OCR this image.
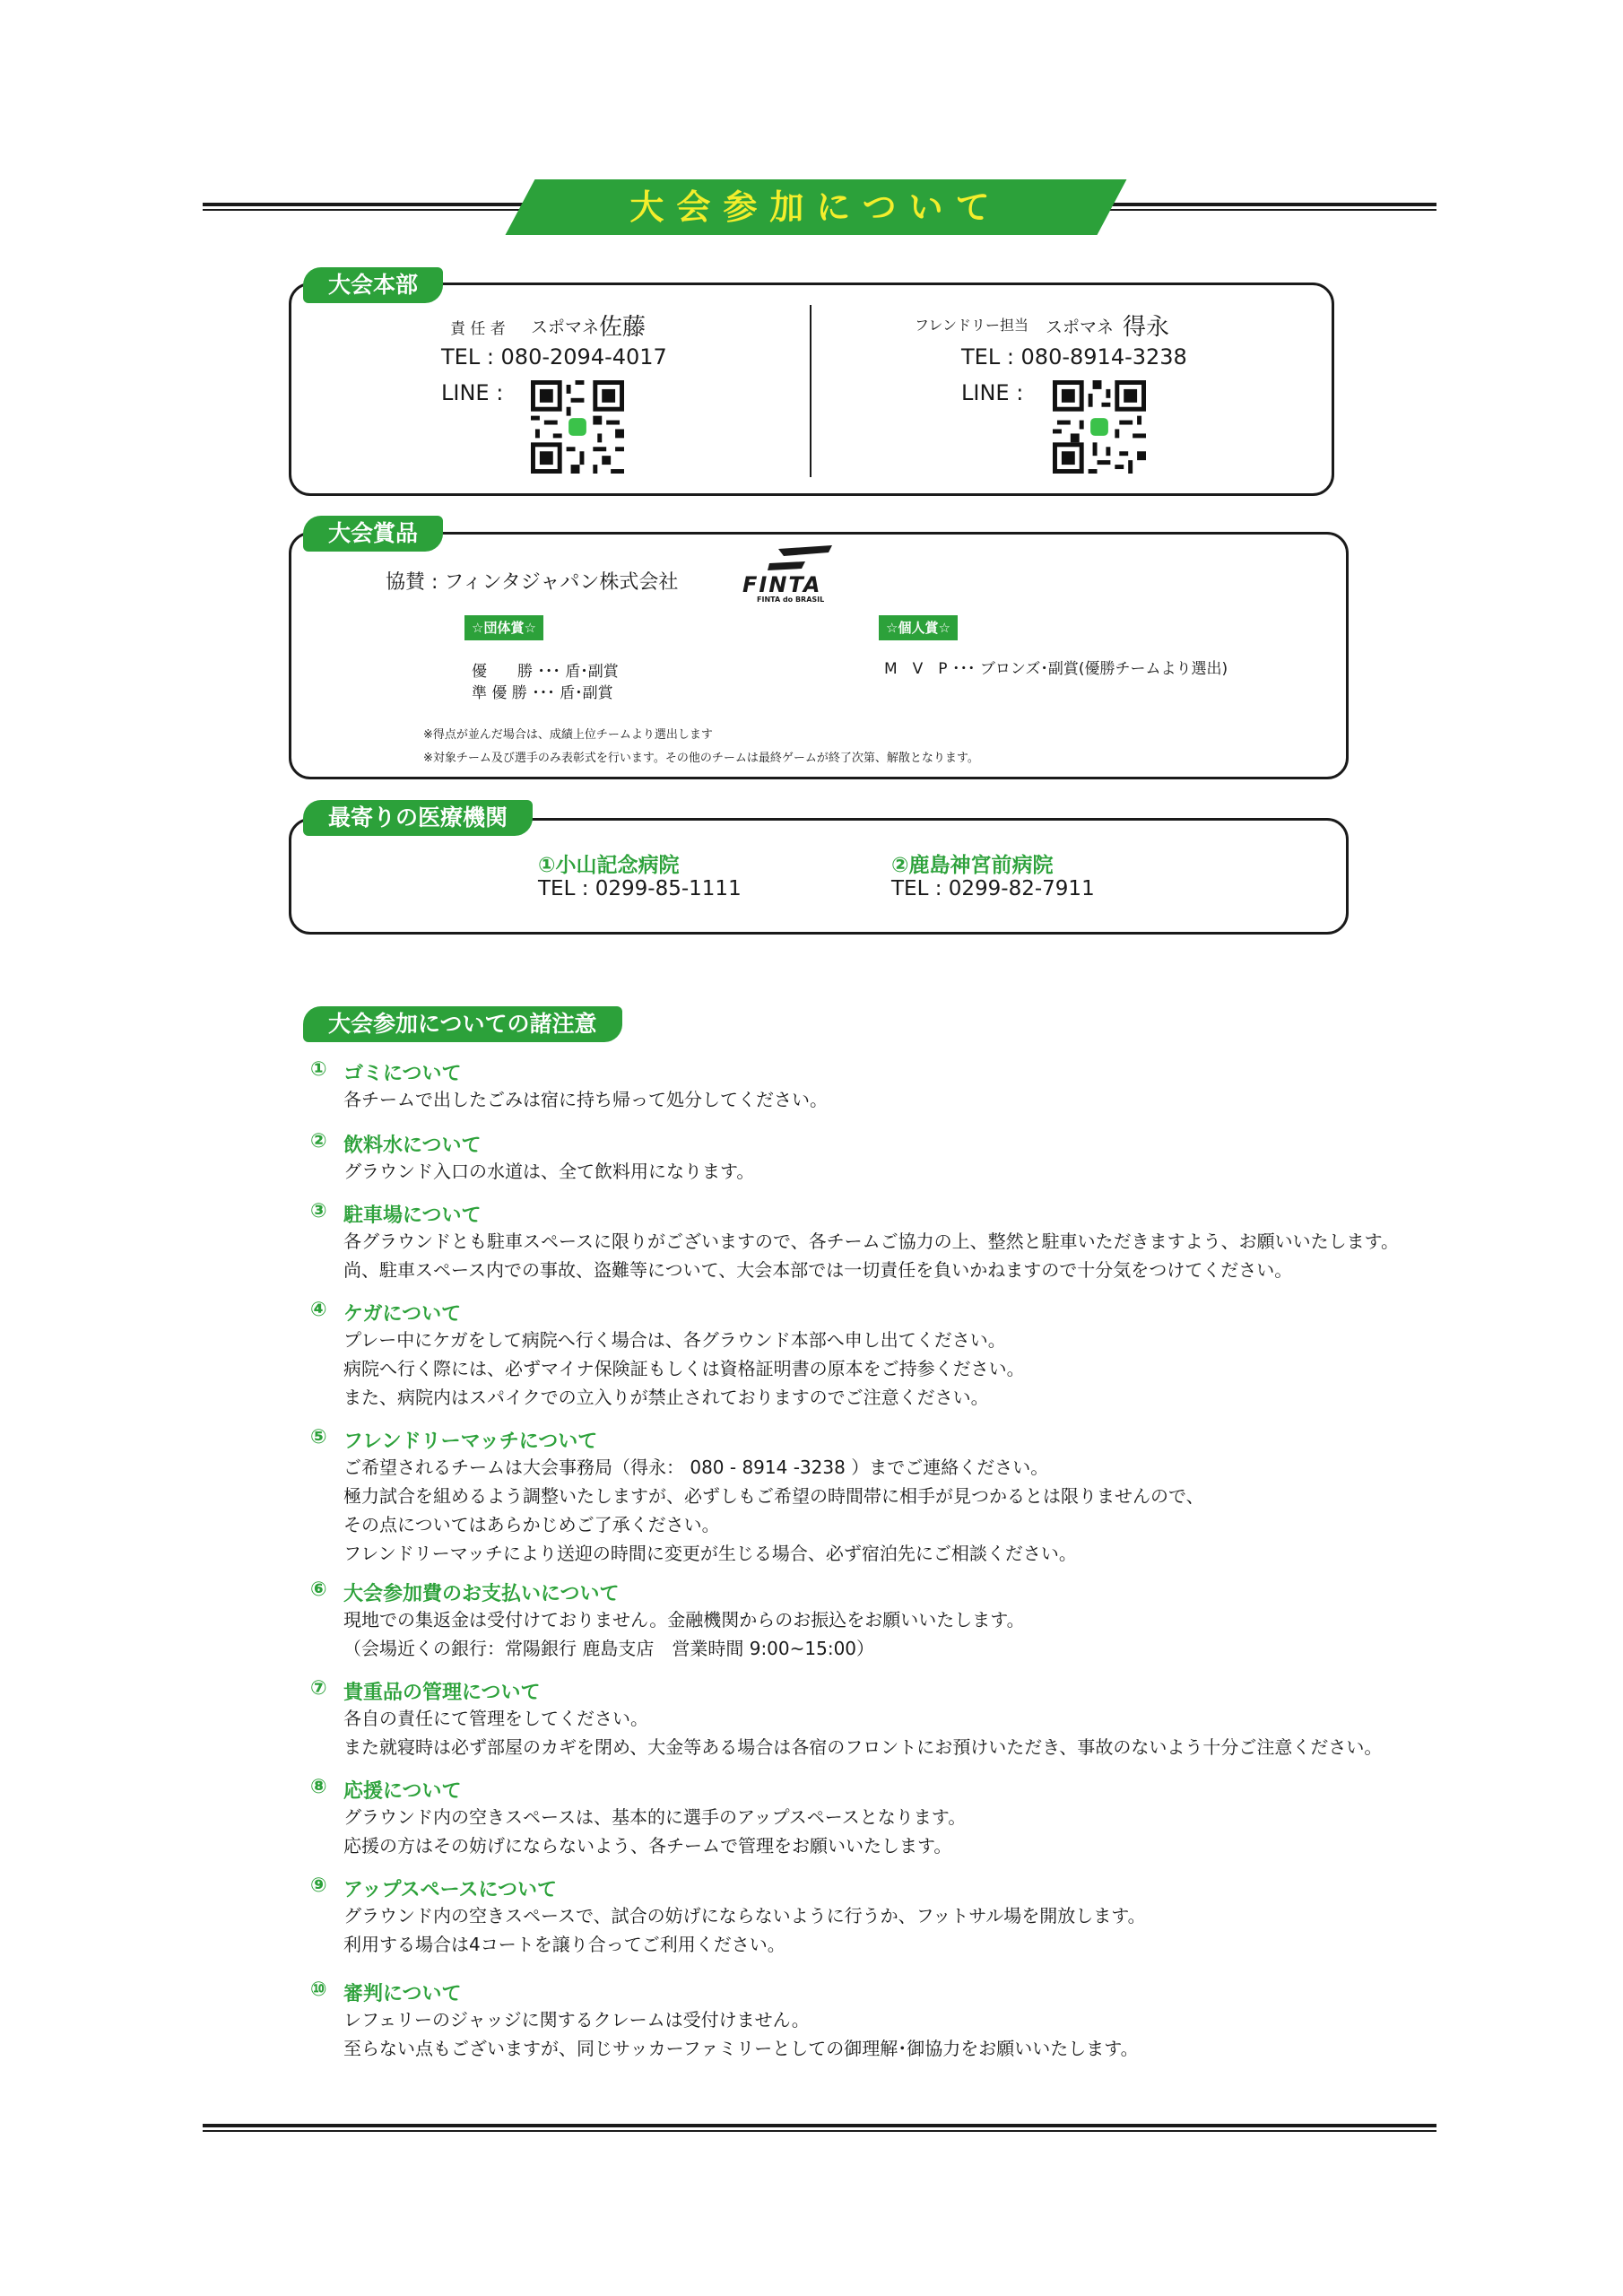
大会参加について
大会本部
責 任 者 スポマネ 佐藤
TEL : 080-2094-4017
LINE :
フレンドリー担当 スポマネ 得永
TEL : 080-8914-3238
LINE :
大会賞品
協賛 : フィンタジャパン株式会社	FINTA
FINTA do BRASIL
☆団体賞☆
優　　勝 ･･･ 盾･副賞
準 優 勝 ･･･ 盾･副賞
☆個人賞☆
M　V　P ･･･ ブロンズ･副賞(優勝チームより選出)
※得点が並んだ場合は、成績上位チームより選出します
※対象チーム及び選手のみ表彰式を行います。その他のチームは最終ゲームが終了次第、解散となります。
最寄りの医療機関
①小山記念病院
TEL : 0299-85-1111
②鹿島神宮前病院
TEL : 0299-82-7911
大会参加についての諸注意
① ゴミについて
各チームで出したごみは宿に持ち帰って処分してください。
② 飲料水について
グラウンド入口の水道は、全て飲料用になります。
③ 駐車場について
各グラウンドとも駐車スペースに限りがございますので、各チームご協力の上、整然と駐車いただきますよう、お願いいたします。
尚、駐車スペース内での事故、盗難等について、大会本部では一切責任を負いかねますので十分気をつけてください。
④ ケガについて
プレー中にケガをして病院へ行く場合は、各グラウンド本部へ申し出てください。
病院へ行く際には、必ずマイナ保険証もしくは資格証明書の原本をご持参ください。
また、病院内はスパイクでの立入りが禁止されておりますのでご注意ください。
⑤ フレンドリーマッチについて
ご希望されるチームは大会事務局（得永： 080 - 8914 -3238 ）までご連絡ください。
極力試合を組めるよう調整いたしますが、必ずしもご希望の時間帯に相手が見つかるとは限りませんので、
その点についてはあらかじめご了承ください。
フレンドリーマッチにより送迎の時間に変更が生じる場合、必ず宿泊先にご相談ください。
⑥ 大会参加費のお支払いについて
現地での集返金は受付けておりません。金融機関からのお振込をお願いいたします。
（会場近くの銀行：常陽銀行 鹿島支店　営業時間 9:00~15:00）
⑦ 貴重品の管理について
各自の責任にて管理をしてください。
また就寝時は必ず部屋のカギを閉め、大金等ある場合は各宿のフロントにお預けいただき、事故のないよう十分ご注意ください。
⑧ 応援について
グラウンド内の空きスペースは、基本的に選手のアップスペースとなります。
応援の方はその妨げにならないよう、各チームで管理をお願いいたします。
⑨ アップスペースについて
グラウンド内の空きスペースで、試合の妨げにならないように行うか、フットサル場を開放します。
利用する場合は4コートを譲り合ってご利用ください。
⑩ 審判について
レフェリーのジャッジに関するクレームは受付けません。
至らない点もございますが、同じサッカーファミリーとしての御理解･御協力をお願いいたします。
